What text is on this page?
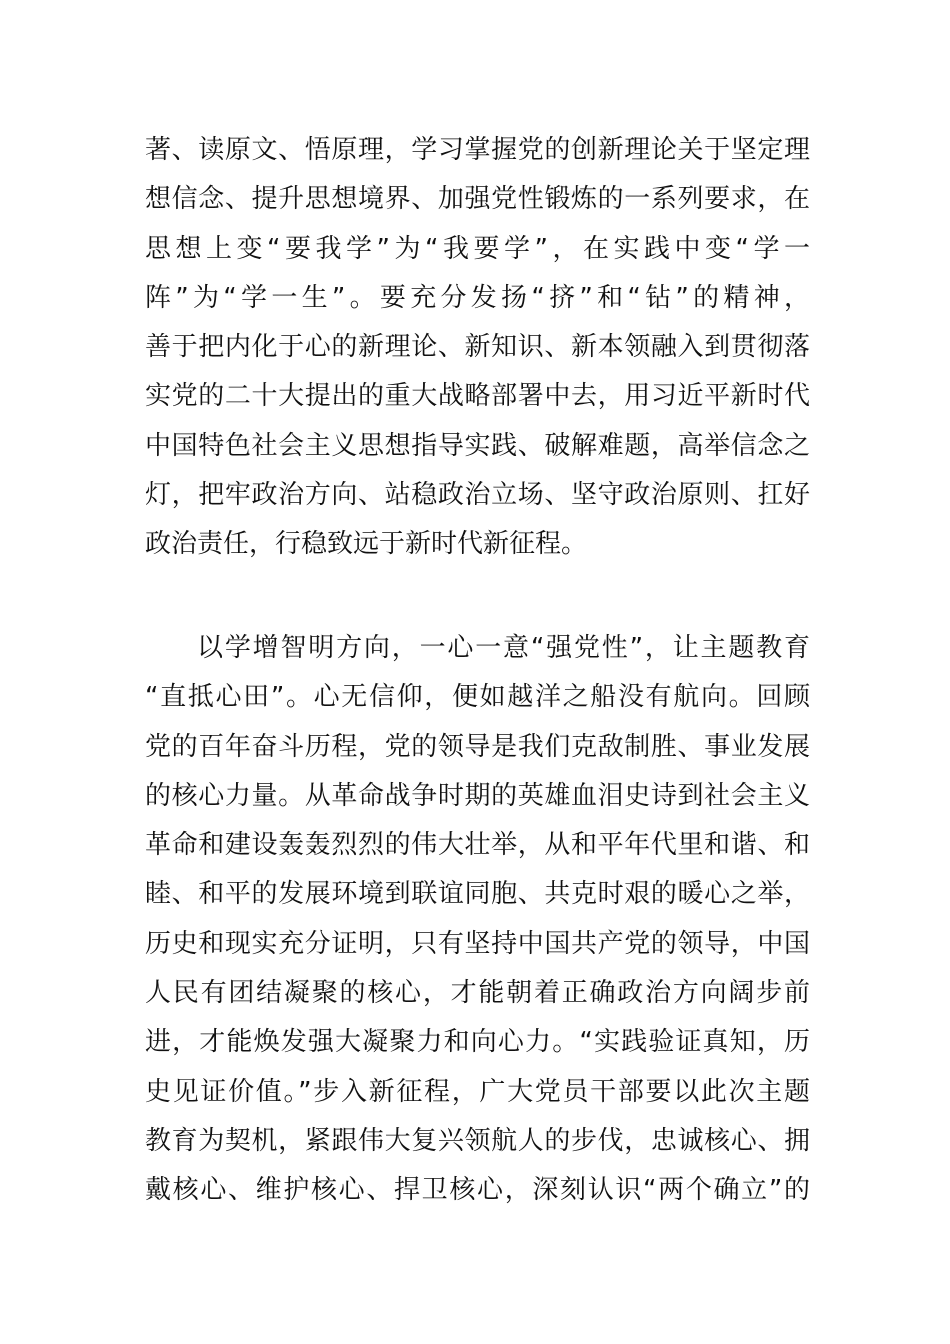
著、读原文、悟原理，学习掌握党的创新理论关于坚定理
想信念、提升思想境界、加强党性锻炼的一系列要求，在
思想上变“要我学”为“我要学”，在实践中变“学一
阵”为“学一生”。要充分发扬“挤”和“钻”的精神，
善于把内化于心的新理论、新知识、新本领融入到贯彻落
实党的二十大提出的重大战略部署中去，用习近平新时代
中国特色社会主义思想指导实践、破解难题，高举信念之
灯，把牢政治方向、站稳政治立场、坚守政治原则、扛好
政治责任，行稳致远于新时代新征程。
以学增智明方向，一心一意“强党性”，让主题教育
“直抵心田”。心无信仰，便如越洋之船没有航向。回顾
党的百年奋斗历程，党的领导是我们克敌制胜、事业发展
的核心力量。从革命战争时期的英雄血泪史诗到社会主义
革命和建设轰轰烈烈的伟大壮举，从和平年代里和谐、和
睦、和平的发展环境到联谊同胞、共克时艰的暖心之举，
历史和现实充分证明，只有坚持中国共产党的领导，中国
人民有团结凝聚的核心，才能朝着正确政治方向阔步前
进，才能焕发强大凝聚力和向心力。“实践验证真知，历
史见证价值。”步入新征程，广大党员干部要以此次主题
教育为契机，紧跟伟大复兴领航人的步伐，忠诚核心、拥
戴核心、维护核心、捍卫核心，深刻认识“两个确立”的
